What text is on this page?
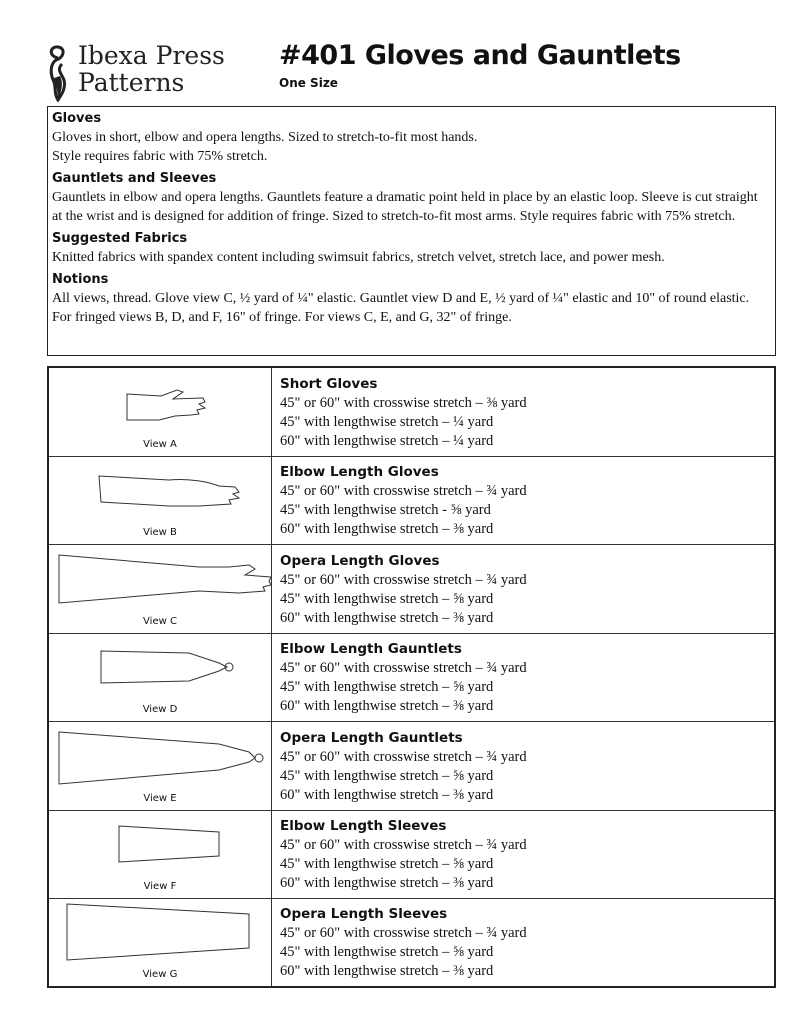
Ibexa Press
Patterns
#401 Gloves and Gauntlets
One Size
Gloves

Gloves in short, elbow and opera lengths. Sized to stretch-to-fit most hands.
Style requires fabric with 75% stretch.

Gauntlets and Sleeves

Gauntlets in elbow and opera lengths. Gauntlets feature a dramatic point held in place by an elastic loop. Sleeve is cut straight at the wrist and is designed for addition of fringe. Sized to stretch-to-fit most arms. Style requires fabric with 75% stretch.

Suggested Fabrics

Knitted fabrics with spandex content including swimsuit fabrics, stretch velvet, stretch lace, and power mesh.

Notions

All views, thread. Glove view C, ½ yard of ¼" elastic. Gauntlet view D and E, ½ yard of ¼" elastic and 10" of round elastic. For fringed views B, D, and F, 16" of fringe. For views C, E, and G, 32" of fringe.

View A
Short Gloves
45" or 60" with crosswise stretch – ⅜ yard
45" with lengthwise stretch – ¼ yard
60" with lengthwise stretch – ¼ yard
View B
Elbow Length Gloves
45" or 60" with crosswise stretch – ¾ yard
45" with lengthwise stretch - ⅝ yard
60" with lengthwise stretch – ⅜ yard
View C
Opera Length Gloves
45" or 60" with crosswise stretch – ¾ yard
45" with lengthwise stretch – ⅝ yard
60" with lengthwise stretch – ⅜ yard
View D
Elbow Length Gauntlets
45" or 60" with crosswise stretch – ¾ yard
45" with lengthwise stretch – ⅝ yard
60" with lengthwise stretch – ⅜ yard
View E
Opera Length Gauntlets
45" or 60" with crosswise stretch – ¾ yard
45" with lengthwise stretch – ⅝ yard
60" with lengthwise stretch – ⅜ yard
View F
Elbow Length Sleeves
45" or 60" with crosswise stretch – ¾ yard
45" with lengthwise stretch – ⅝ yard
60" with lengthwise stretch – ⅜ yard
View G
Opera Length Sleeves
45" or 60" with crosswise stretch – ¾ yard
45" with lengthwise stretch – ⅝ yard
60" with lengthwise stretch – ⅜ yard
